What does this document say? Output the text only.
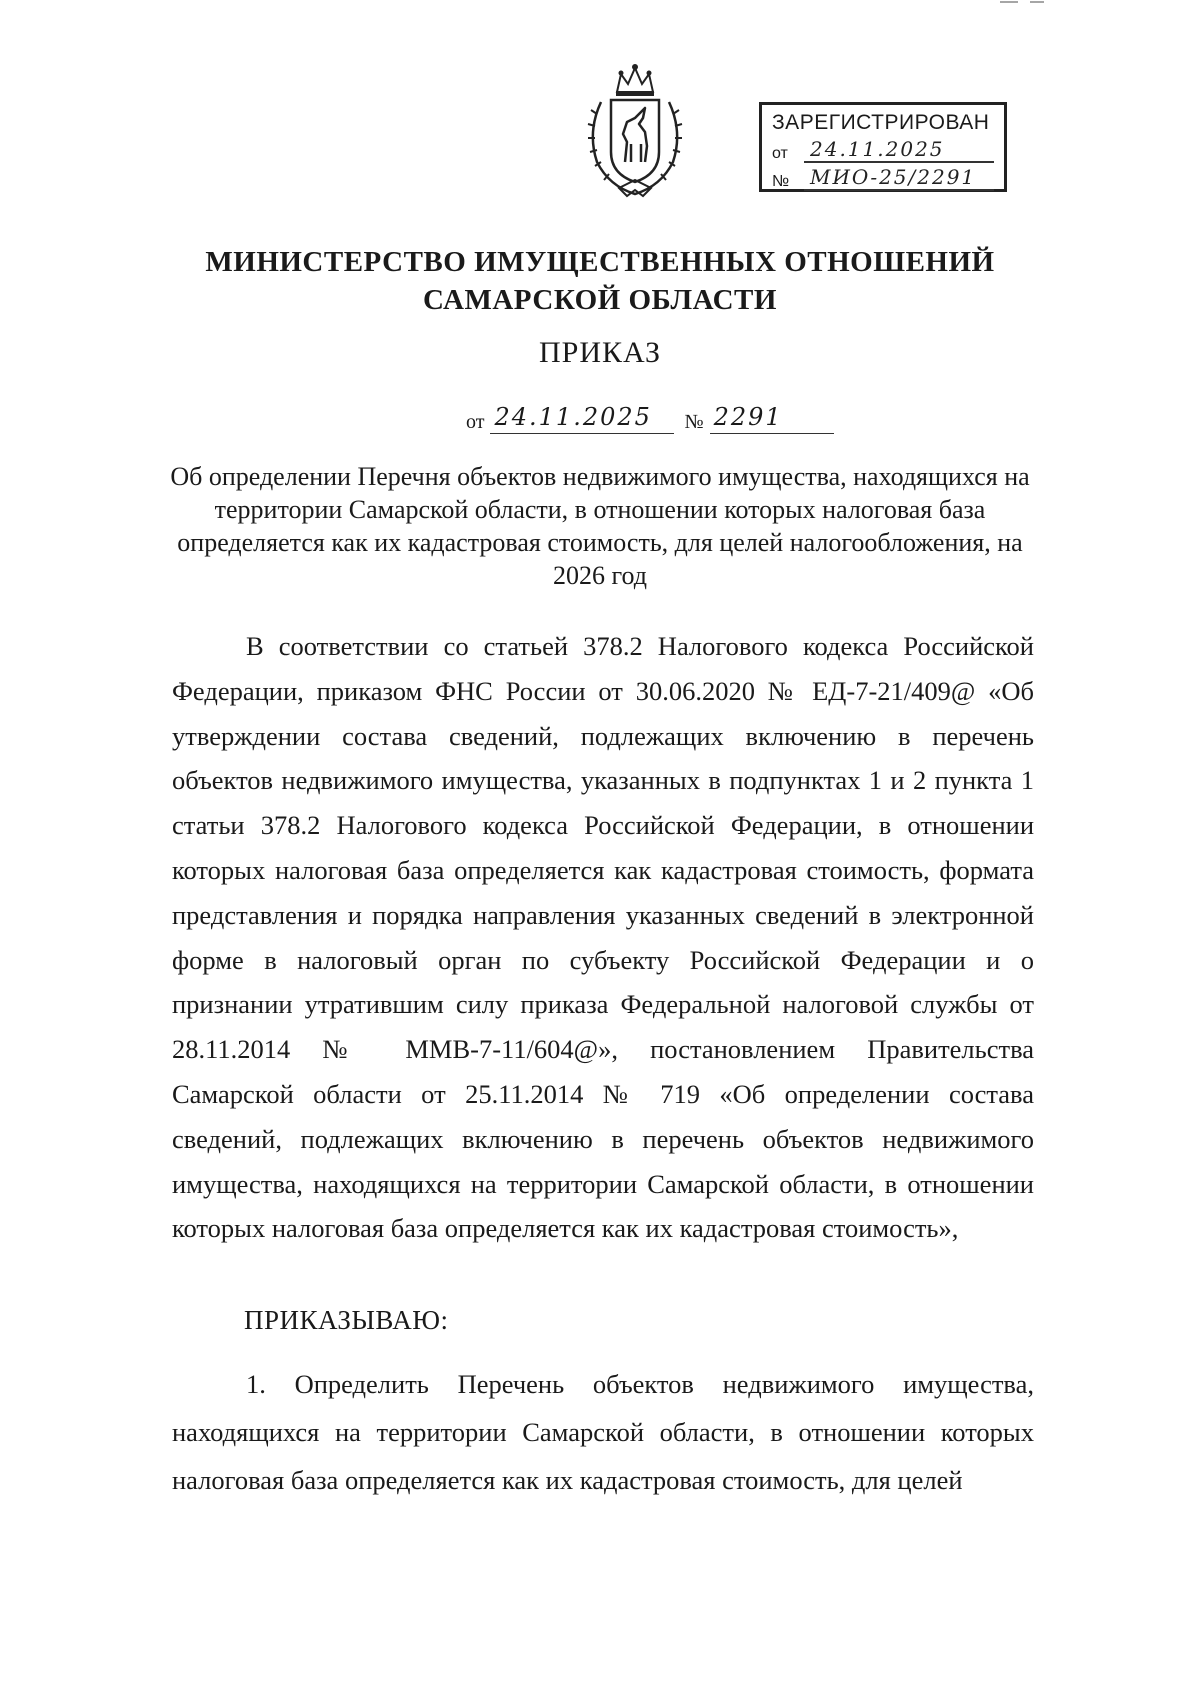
ЗАРЕГИСТРИРОВАН
от	24.11.2025
№	МИО-25/2291
МИНИСТЕРСТВО ИМУЩЕСТВЕННЫХ ОТНОШЕНИЙ
САМАРСКОЙ ОБЛАСТИ
ПРИКАЗ
от 24.11.2025	№ 2291
Об определении Перечня объектов недвижимого имущества, находящихся на территории Самарской области, в отношении которых налоговая база определяется как их кадастровая стоимость, для целей налогообложения, на 2026 год

В соответствии со статьей 378.2 Налогового кодекса Российской Федерации, приказом ФНС России от 30.06.2020 № ЕД-7-21/409@ «Об утверждении состава сведений, подлежащих включению в перечень объектов недвижимого имущества, указанных в подпунктах 1 и 2 пункта 1 статьи 378.2 Налогового кодекса Российской Федерации, в отношении которых налоговая база определяется как кадастровая стоимость, формата представления и порядка направления указанных сведений в электронной форме в налоговый орган по субъекту Российской Федерации и о признании утратившим силу приказа Федеральной налоговой службы от 28.11.2014 № ММВ-7-11/604@», постановлением Правительства Самарской области от 25.11.2014 № 719 «Об определении состава сведений, подлежащих включению в перечень объектов недвижимого имущества, находящихся на территории Самарской области, в отношении которых налоговая база определяется как их кадастровая стоимость»,

ПРИКАЗЫВАЮ:

1. Определить Перечень объектов недвижимого имущества, находящихся на территории Самарской области, в отношении которых налоговая база определяется как их кадастровая стоимость, для целей
